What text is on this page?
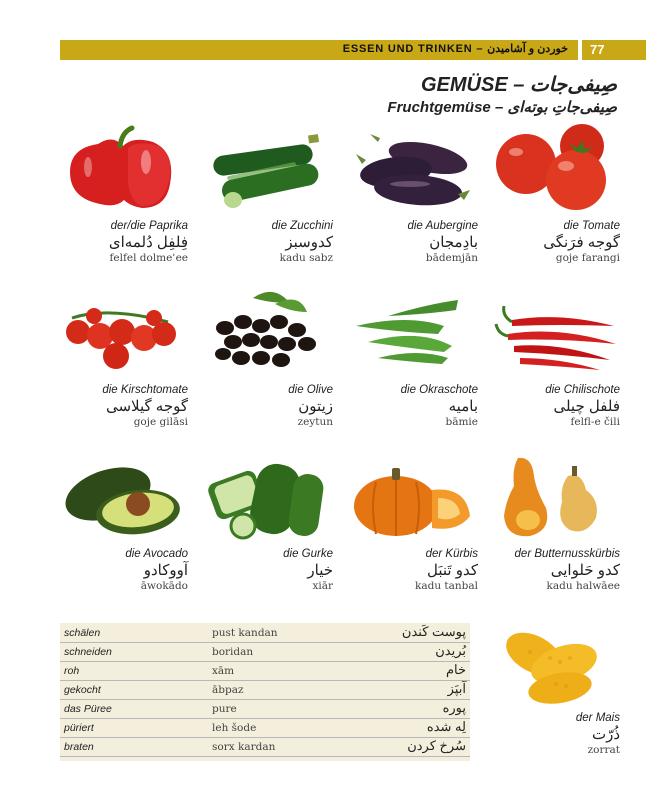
ESSEN UND TRINKEN – خوردن و آشامیدن	77
GEMÜSE – صِیفی‌جات
Fruchtgemüse – صِیفی‌جاتِ بوته‌ای
der/die Paprika
فِلفِل دُلمه‌ای
felfel dolmeʾee
die Zucchini
کدوسبز
kadu sabz
die Aubergine
بادِمجان
bādemjān
die Tomate
گوجه فرَنگی
goje farangi
die Kirschtomate
گوجه گیلاسی
goje gilāsi
die Olive
زیتون
zeytun
die Okraschote
بامیه
bāmie
die Chilischote
فلفل چیلی
felfl-e čili
die Avocado
آووکادو
āwokādo
die Gurke
خیار
xiār
der Kürbis
کدو تَنبَل
kadu tanbal
der Butternusskürbis
کدو حَلوایی
kadu halwāee
der Mais
ذُرّت
zorrat
schälen	pust kandan	پوست کَندن
schneiden	boridan	بُریدن
roh	xām	خام
gekocht	ābpaz	آبپَز
das Püree	pure	پوره
püriert	leh šode	لِه شده
braten	sorx kardan	سُرخ کردن
